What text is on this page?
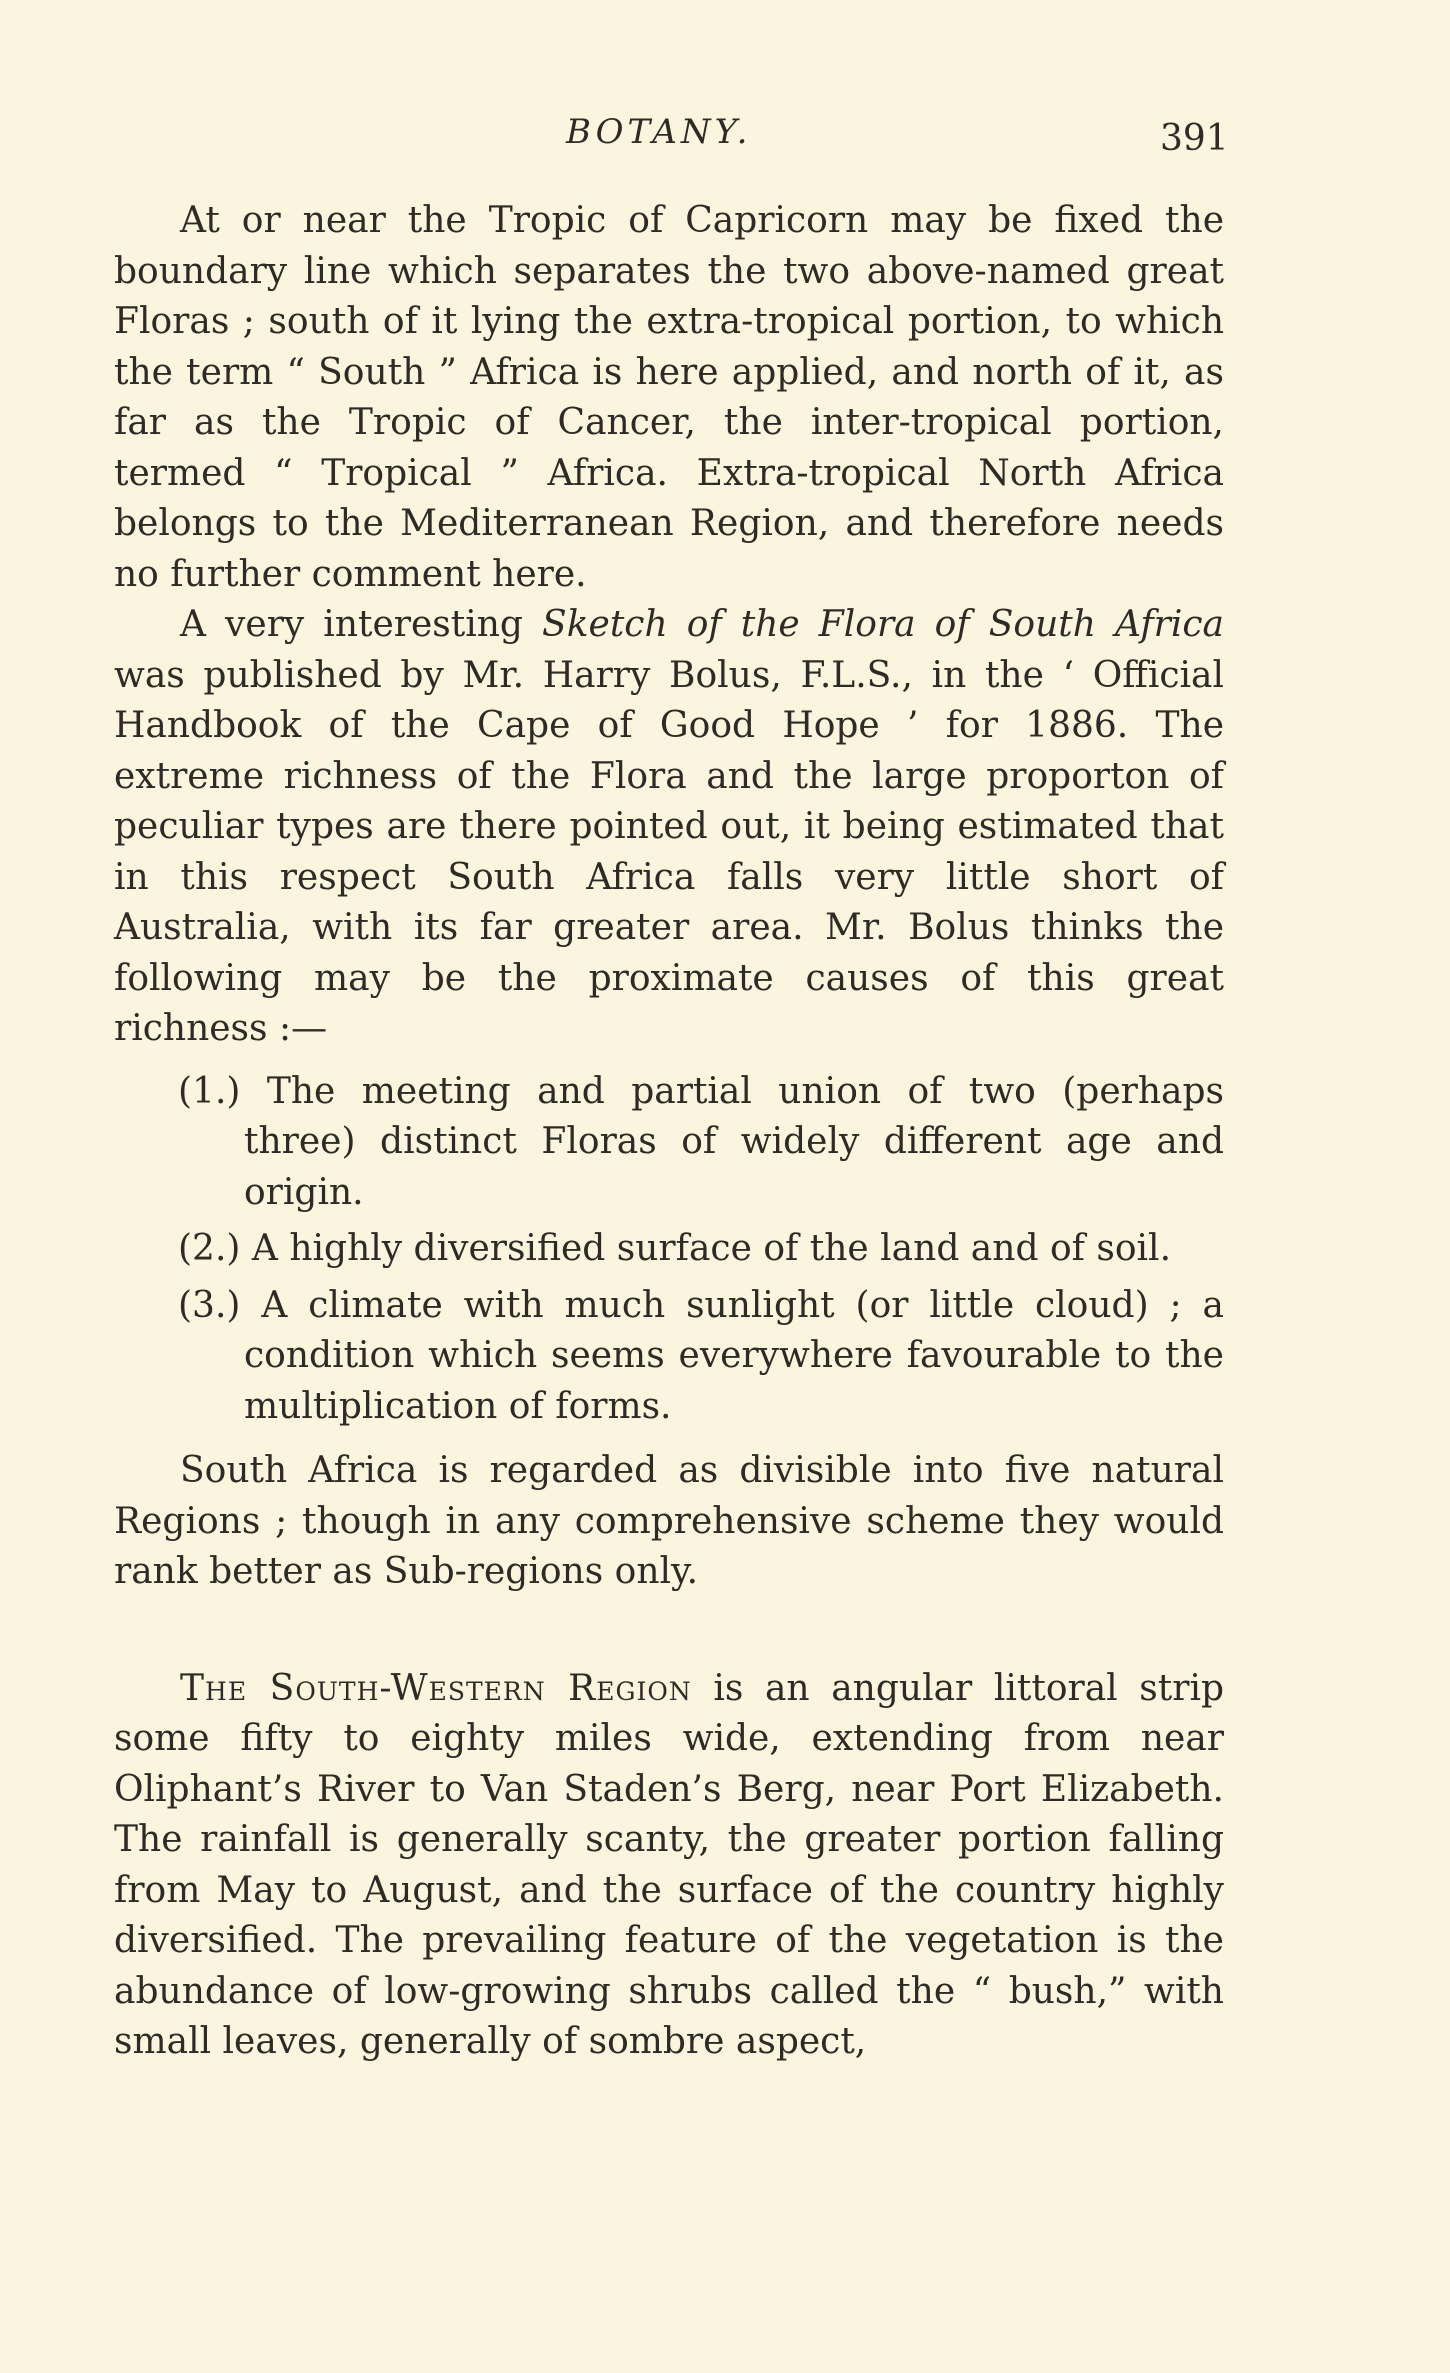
BOTANY.	391

At or near the Tropic of Capricorn may be fixed the boundary line which separates the two above-named great Floras ; south of it lying the extra-tropical portion, to which the term “ South ” Africa is here applied, and north of it, as far as the Tropic of Cancer, the inter-tropical portion, termed “ Tropical ” Africa. Extra-tropical North Africa belongs to the Mediterranean Region, and therefore needs no further comment here.

A very interesting Sketch of the Flora of South Africa was published by Mr. Harry Bolus, F.L.S., in the ‘ Official Handbook of the Cape of Good Hope ’ for 1886. The extreme richness of the Flora and the large proporton of peculiar types are there pointed out, it being estimated that in this respect South Africa falls very little short of Australia, with its far greater area. Mr. Bolus thinks the following may be the proximate causes of this great richness :—

(1.) The meeting and partial union of two (perhaps three) distinct Floras of widely different age and origin.
(2.) A highly diversified surface of the land and of soil.
(3.) A climate with much sunlight (or little cloud) ; a condition which seems everywhere favourable to the multiplication of forms.

South Africa is regarded as divisible into five natural Regions ; though in any comprehensive scheme they would rank better as Sub-regions only.

The South-Western Region is an angular littoral strip some fifty to eighty miles wide, extending from near Oliphant’s River to Van Staden’s Berg, near Port Elizabeth. The rainfall is generally scanty, the greater portion falling from May to August, and the surface of the country highly diversified. The prevailing feature of the vegetation is the abundance of low-growing shrubs called the “ bush,” with small leaves, generally of sombre aspect,
